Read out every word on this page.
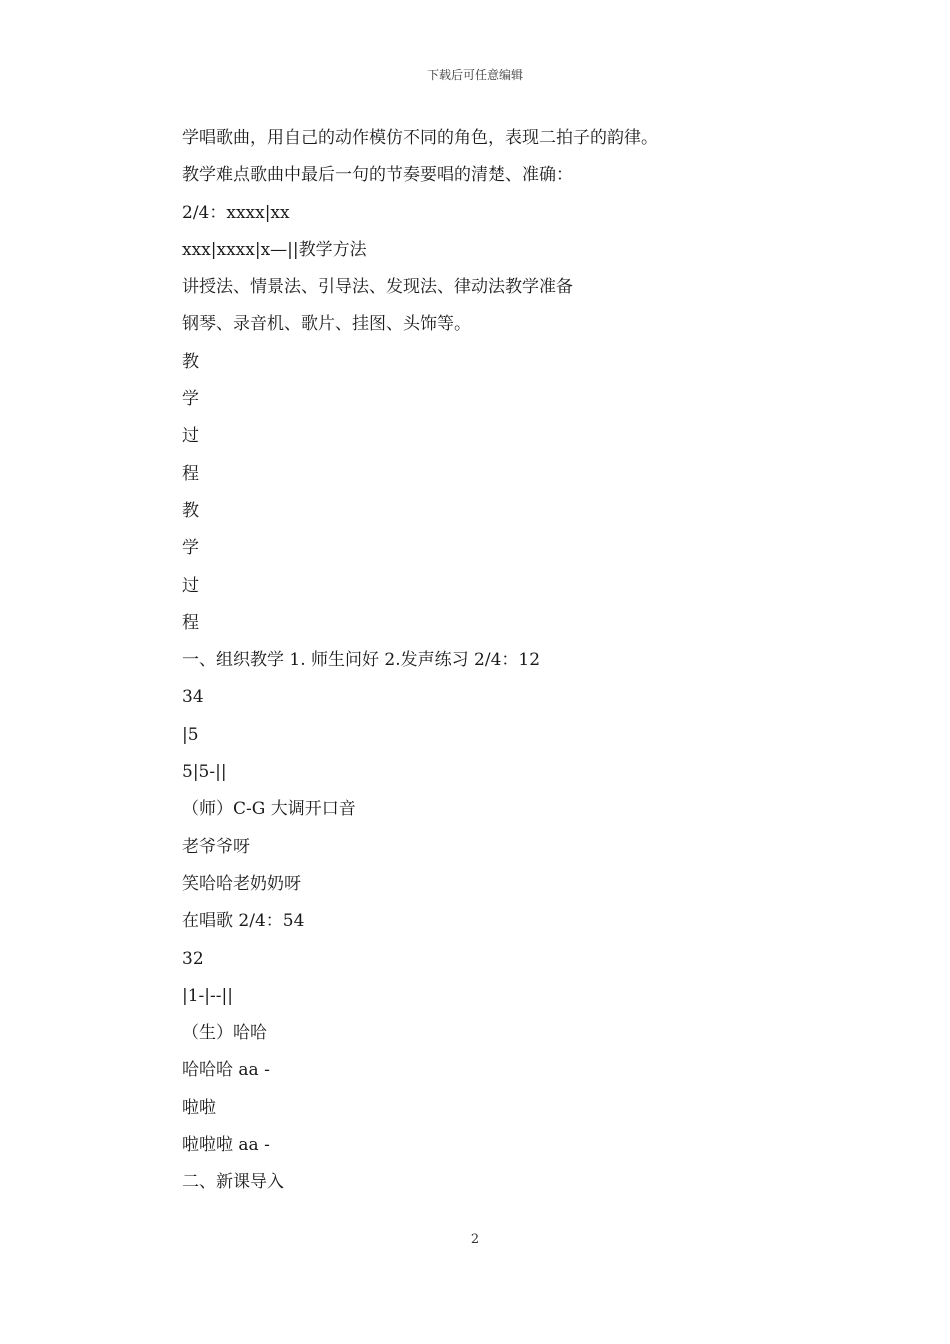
下载后可任意编辑
学唱歌曲，用自己的动作模仿不同的角色，表现二拍子的韵律。
教学难点歌曲中最后一句的节奏要唱的清楚、准确：
2/4：xxxx|xx
xxx|xxxx|x—||教学方法
讲授法、情景法、引导法、发现法、律动法教学准备
钢琴、录音机、歌片、挂图、头饰等。
教
学
过
程
教
学
过
程
一、组织教学 1. 师生问好 2.发声练习 2/4：12
34
|5
5|5-||
（师）C-G 大调开口音
老爷爷呀
笑哈哈老奶奶呀
在唱歌 2/4：54
32
|1-|--||
（生）哈哈
哈哈哈 aa -
啦啦
啦啦啦 aa -
二、新课导入
2
